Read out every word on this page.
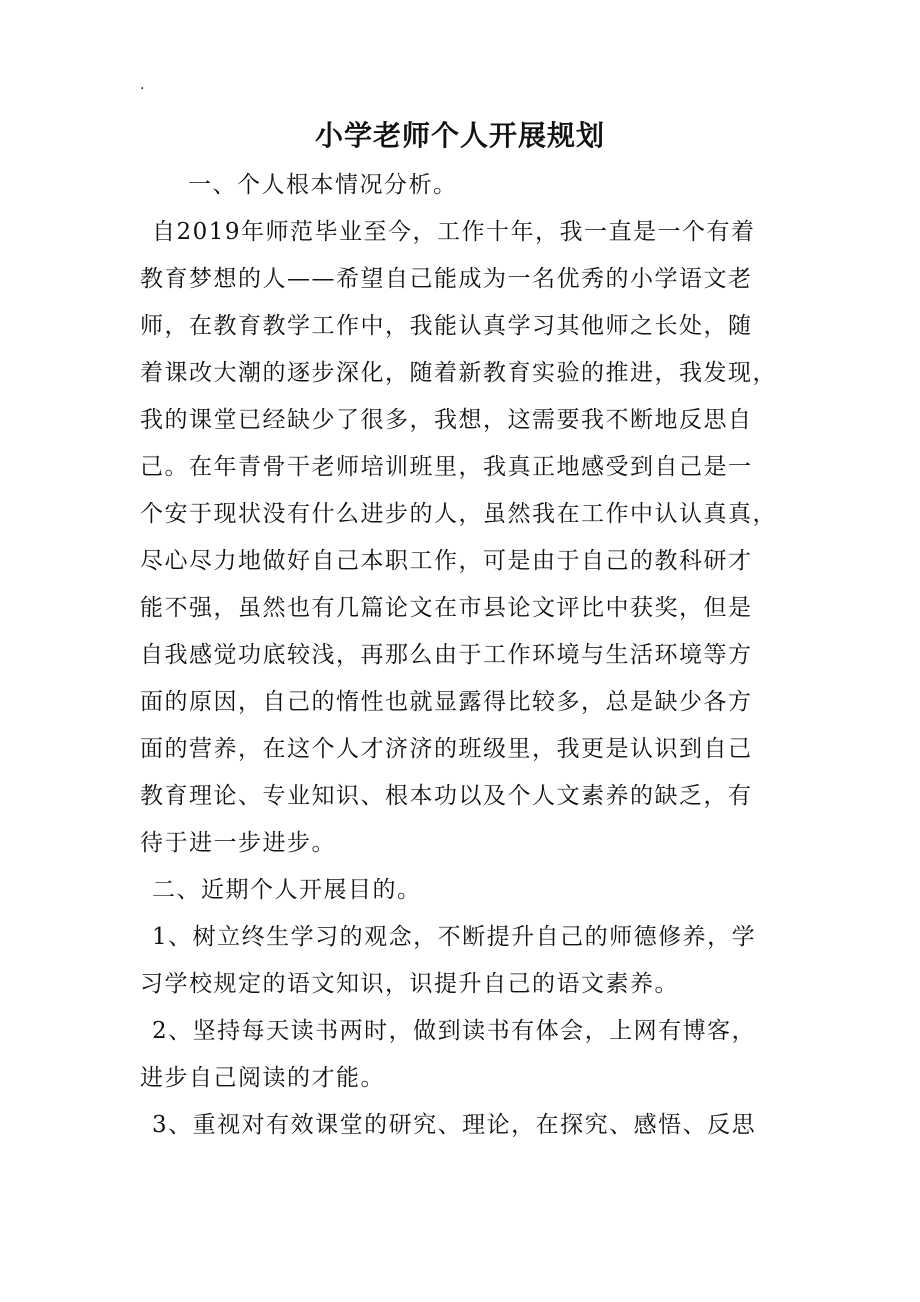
.
小学老师个人开展规划
一、个人根本情况分析。
自2019年师范毕业至今，工作十年，我一直是一个有着
教育梦想的人——希望自己能成为一名优秀的小学语文老
师，在教育教学工作中，我能认真学习其他师之长处，随
着课改大潮的逐步深化，随着新教育实验的推进，我发现，
我的课堂已经缺少了很多，我想，这需要我不断地反思自
己。在年青骨干老师培训班里，我真正地感受到自己是一
个安于现状没有什么进步的人，虽然我在工作中认认真真，
尽心尽力地做好自己本职工作，可是由于自己的教科研才
能不强，虽然也有几篇论文在市县论文评比中获奖，但是
自我感觉功底较浅，再那么由于工作环境与生活环境等方
面的原因，自己的惰性也就显露得比较多，总是缺少各方
面的营养，在这个人才济济的班级里，我更是认识到自己
教育理论、专业知识、根本功以及个人文素养的缺乏，有
待于进一步进步。
二、近期个人开展目的。
1、树立终生学习的观念，不断提升自己的师德修养，学
习学校规定的语文知识，识提升自己的语文素养。
2、坚持每天读书两时，做到读书有体会，上网有博客，
进步自己阅读的才能。
3、重视对有效课堂的研究、理论，在探究、感悟、反思
